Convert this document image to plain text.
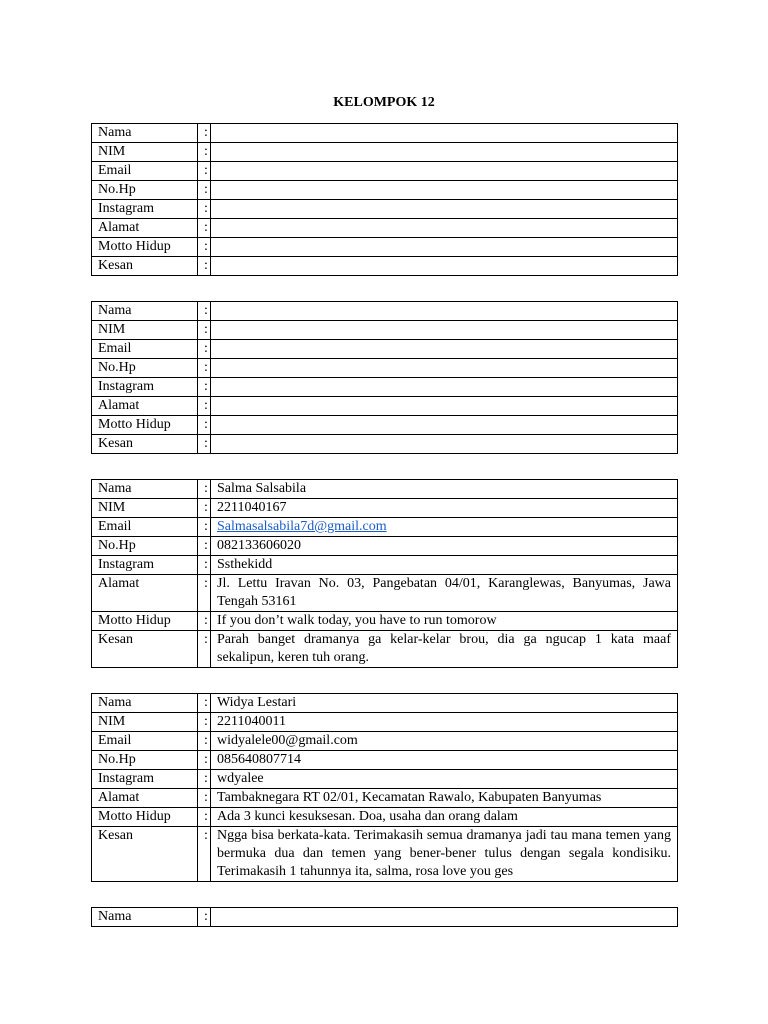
KELOMPOK 12
Nama	:	
NIM	:	
Email	:	
No.Hp	:	
Instagram	:	
Alamat	:	
Motto Hidup	:	
Kesan	:	
Nama	:	
NIM	:	
Email	:	
No.Hp	:	
Instagram	:	
Alamat	:	
Motto Hidup	:	
Kesan	:	
Nama	:	Salma Salsabila
NIM	:	2211040167
Email	:	Salmasalsabila7d@gmail.com
No.Hp	:	082133606020
Instagram	:	Ssthekidd
Alamat	:	Jl. Lettu Iravan No. 03, Pangebatan 04/01, Karanglewas, Banyumas, Jawa Tengah 53161
Motto Hidup	:	If you don’t walk today, you have to run tomorow
Kesan	:	Parah banget dramanya ga kelar-kelar brou, dia ga ngucap 1 kata maaf sekalipun, keren tuh orang.
Nama	:	Widya Lestari
NIM	:	2211040011
Email	:	widyalele00@gmail.com
No.Hp	:	085640807714
Instagram	:	wdyalee
Alamat	:	Tambaknegara RT 02/01, Kecamatan Rawalo, Kabupaten Banyumas
Motto Hidup	:	Ada 3 kunci kesuksesan. Doa, usaha dan orang dalam
Kesan	:	Ngga bisa berkata-kata. Terimakasih semua dramanya jadi tau mana temen yang bermuka dua dan temen yang bener-bener tulus dengan segala kondisiku. Terimakasih 1 tahunnya ita, salma, rosa love you ges
Nama	:	
